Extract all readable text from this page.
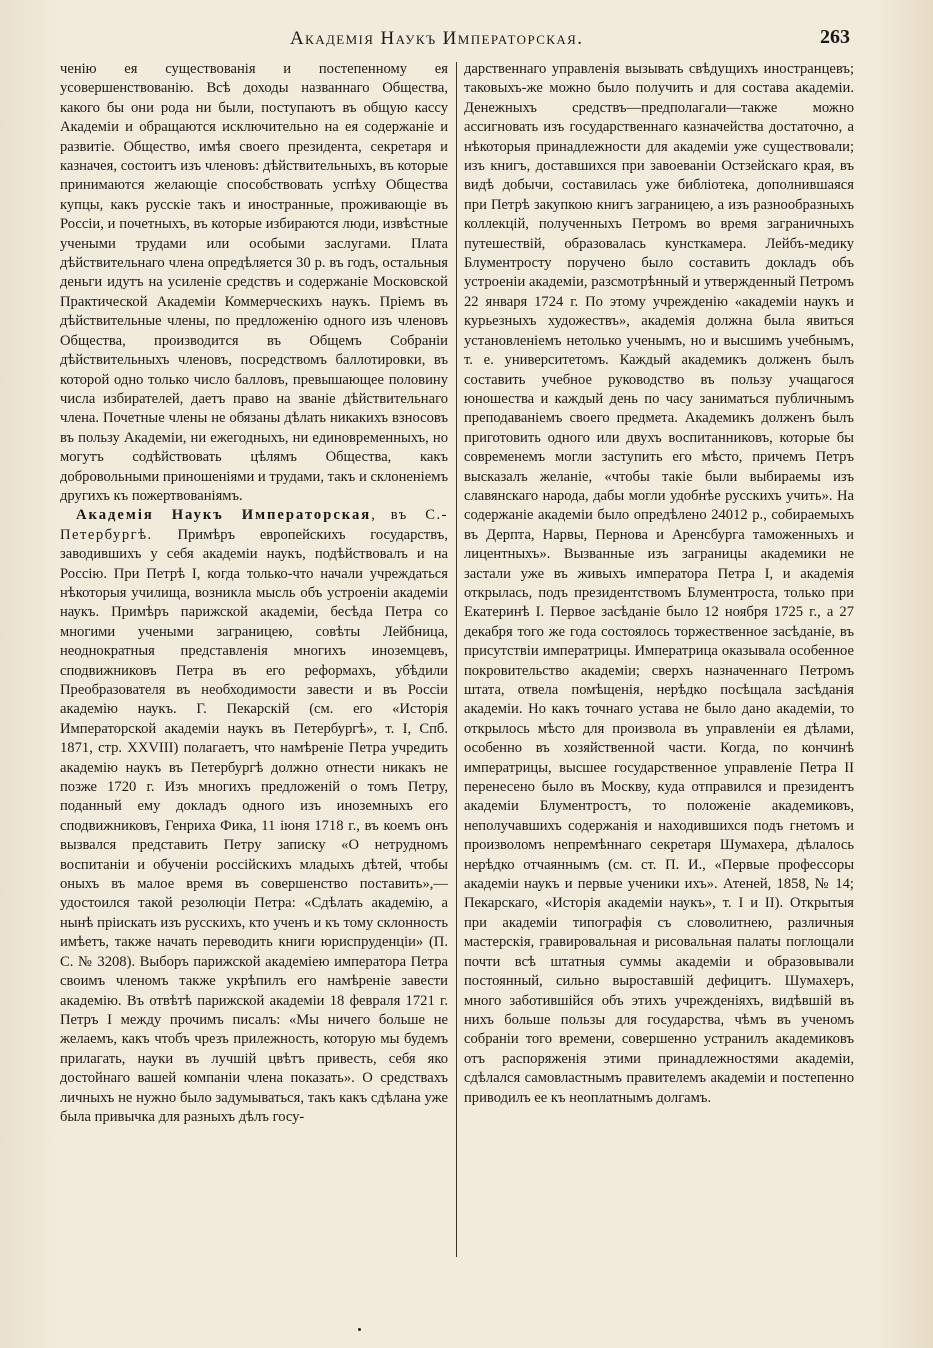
Академія Наукъ Императорская.	263

ченію ея существованія и постепенному ея усовершенствованію. Всѣ доходы названнаго Общества, какого бы они рода ни были, поступаютъ въ общую кассу Академіи и обращаются исключительно на ея содержаніе и развитіе. Общество, имѣя своего президента, секретаря и казначея, состоитъ изъ членовъ: дѣйствительныхъ, въ которые принимаются желающіе способствовать успѣху Общества купцы, какъ русскіе такъ и иностранные, проживающіе въ Россіи, и почетныхъ, въ которые избираются люди, извѣстные учеными трудами или особыми заслугами. Плата дѣйствительнаго члена опредѣляется 30 р. въ годъ, остальныя деньги идутъ на усиленіе средствъ и содержаніе Московской Практической Академіи Коммерческихъ наукъ. Пріемъ въ дѣйствительные члены, по предложенію одного изъ членовъ Общества, производится въ Общемъ Собраніи дѣйствительныхъ членовъ, посредствомъ баллотировки, въ которой одно только число балловъ, превышающее половину числа избирателей, даетъ право на званіе дѣйствительнаго члена. Почетные члены не обязаны дѣлать никакихъ взносовъ въ пользу Академіи, ни ежегодныхъ, ни единовременныхъ, но могутъ содѣйствовать цѣлямъ Общества, какъ добровольными приношеніями и трудами, такъ и склоненіемъ другихъ къ пожертвованіямъ.

Академія Наукъ Императорская, въ С.-Петербургѣ. Примѣръ европейскихъ государствъ, заводившихъ у себя академіи наукъ, подѣйствовалъ и на Россію. При Петрѣ I, когда только-что начали учреждаться нѣкоторыя училища, возникла мысль объ устроеніи академіи наукъ. Примѣръ парижской академіи, бесѣда Петра со многими учеными заграницею, совѣты Лейбница, неоднократныя представленія многихъ иноземцевъ, сподвижниковъ Петра въ его реформахъ, убѣдили Преобразователя въ необходимости завести и въ Россіи академію наукъ. Г. Пекарскій (см. его «Исторія Императорской академіи наукъ въ Петербургѣ», т. I, Спб. 1871, стр. XXVIII) полагаетъ, что намѣреніе Петра учредить академію наукъ въ Петербургѣ должно отнести никакъ не позже 1720 г. Изъ многихъ предложеній о томъ Петру, поданный ему докладъ одного изъ иноземныхъ его сподвижниковъ, Генриха Фика, 11 іюня 1718 г., въ коемъ онъ вызвался представить Петру записку «О нетрудномъ воспитаніи и обученіи россійскихъ младыхъ дѣтей, чтобы оныхъ въ малое время въ совершенство поставить»,—удостоился такой резолюціи Петра: «Сдѣлать академію, а нынѣ пріискать изъ русскихъ, кто ученъ и къ тому склонность имѣетъ, также начать переводить книги юриспруденціи» (П. С. № 3208). Выборъ парижской академіею императора Петра своимъ членомъ также укрѣпилъ его намѣреніе завести академію. Въ отвѣтѣ парижской академіи 18 февраля 1721 г. Петръ I между прочимъ писалъ: «Мы ничего больше не желаемъ, какъ чтобъ чрезъ прилежность, которую мы будемъ прилагать, науки въ лучшій цвѣтъ привесть, себя яко достойнаго вашей компаніи члена показать». О средствахъ личныхъ не нужно было задумываться, такъ какъ сдѣлана уже была привычка для разныхъ дѣлъ госу-

дарственнаго управленія вызывать свѣдущихъ иностранцевъ; таковыхъ-же можно было получить и для состава академіи. Денежныхъ средствъ—предполагали—также можно ассигновать изъ государственнаго казначейства достаточно, а нѣкоторыя принадлежности для академіи уже существовали; изъ книгъ, доставшихся при завоеваніи Остзейскаго края, въ видѣ добычи, составилась уже библіотека, дополнившаяся при Петрѣ закупкою книгъ заграницею, а изъ разнообразныхъ коллекцій, полученныхъ Петромъ во время заграничныхъ путешествій, образовалась кунсткамера. Лейбъ-медику Блументросту поручено было составить докладъ объ устроеніи академіи, разсмотрѣнный и утвержденный Петромъ 22 января 1724 г. По этому учрежденію «академіи наукъ и курьезныхъ художествъ», академія должна была явиться установленіемъ нетолько ученымъ, но и высшимъ учебнымъ, т. е. университетомъ. Каждый академикъ долженъ былъ составить учебное руководство въ пользу учащагося юношества и каждый день по часу заниматься публичнымъ преподаваніемъ своего предмета. Академикъ долженъ былъ приготовить одного или двухъ воспитанниковъ, которые бы современемъ могли заступить его мѣсто, причемъ Петръ высказалъ желаніе, «чтобы такіе были выбираемы изъ славянскаго народа, дабы могли удобнѣе русскихъ учить». На содержаніе академіи было опредѣлено 24012 р., собираемыхъ въ Дерпта, Нарвы, Пернова и Аренсбурга таможенныхъ и лицентныхъ». Вызванные изъ заграницы академики не застали уже въ живыхъ императора Петра I, и академія открылась, подъ президентствомъ Блументроста, только при Екатеринѣ I. Первое засѣданіе было 12 ноября 1725 г., а 27 декабря того же года состоялось торжественное засѣданіе, въ присутствіи императрицы. Императрица оказывала особенное покровительство академіи; сверхъ назначеннаго Петромъ штата, отвела помѣщенія, нерѣдко посѣщала засѣданія академіи. Но какъ точнаго устава не было дано академіи, то открылось мѣсто для произвола въ управленіи ея дѣлами, особенно въ хозяйственной части. Когда, по кончинѣ императрицы, высшее государственное управленіе Петра II перенесено было въ Москву, куда отправился и президентъ академіи Блументростъ, то положеніе академиковъ, неполучавшихъ содержанія и находившихся подъ гнетомъ и произволомъ непремѣннаго секретаря Шумахера, дѣлалось нерѣдко отчаяннымъ (см. ст. П. И., «Первые профессоры академіи наукъ и первые ученики ихъ». Атеней, 1858, № 14; Пекарскаго, «Исторія академіи наукъ», т. I и II). Открытыя при академіи типографія съ словолитнею, различныя мастерскія, гравировальная и рисовальная палаты поглощали почти всѣ штатныя суммы академіи и образовывали постоянный, сильно выроставшій дефицитъ. Шумахеръ, много заботившійся объ этихъ учрежденіяхъ, видѣвшій въ нихъ больше пользы для государства, чѣмъ въ ученомъ собраніи того времени, совершенно устранилъ академиковъ отъ распоряженія этими принадлежностями академіи, сдѣлался самовластнымъ правителемъ академіи и постепенно приводилъ ее къ неоплатнымъ долгамъ.
